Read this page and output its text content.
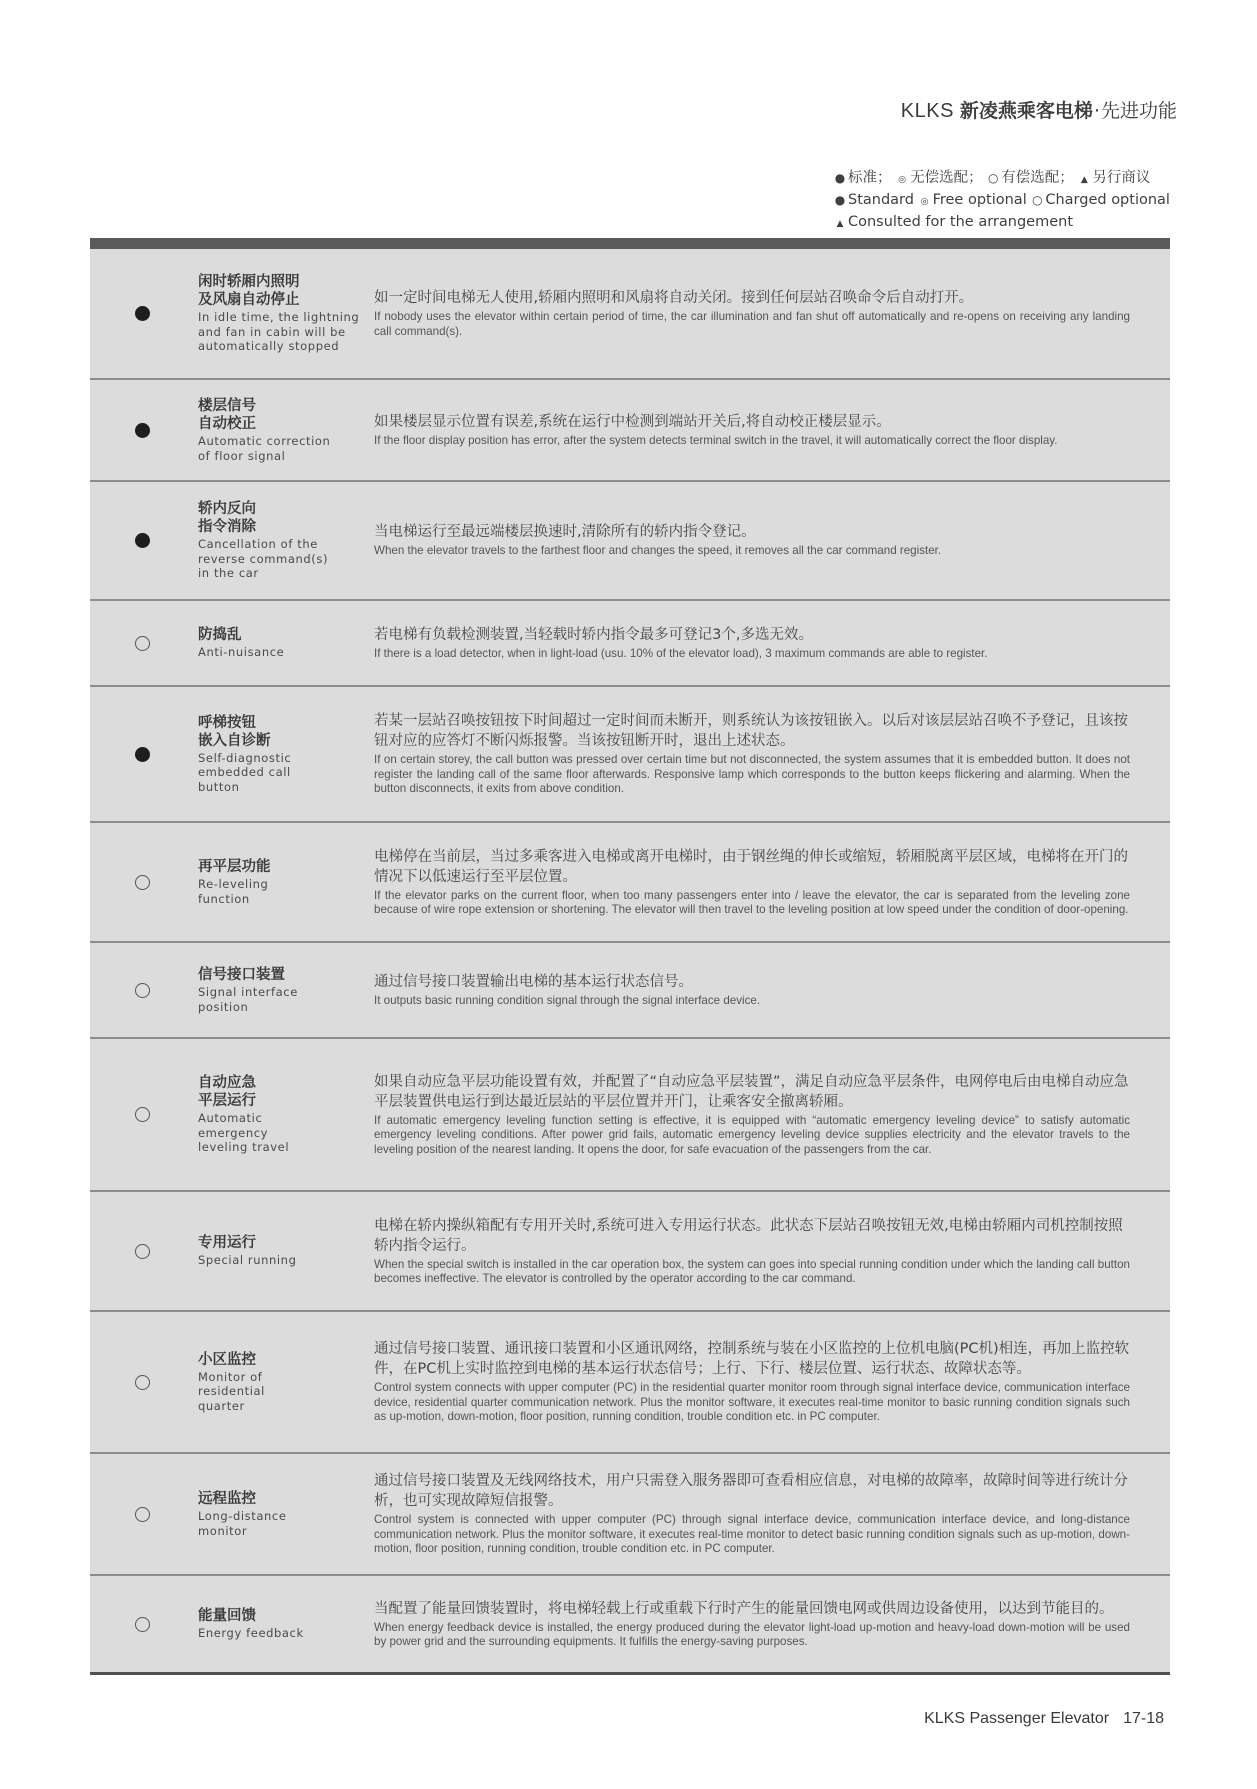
KLKS 新凌燕乘客电梯·先进功能
● 标准； ◎ 无偿选配； ○ 有偿选配； ▲ 另行商议
● Standard ◎ Free optional ○ Charged optional
▲ Consulted for the arrangement
闲时轿厢内照明
及风扇自动停止
In idle time, the lightning
and fan in cabin will be
automatically stopped
如一定时间电梯无人使用,轿厢内照明和风扇将自动关闭。接到任何层站召唤命令后自动打开。
If nobody uses the elevator within certain period of time, the car illumination and fan shut off automatically and re-opens on receiving any landing call command(s).
楼层信号
自动校正
Automatic correction
of floor signal
如果楼层显示位置有误差,系统在运行中检测到端站开关后,将自动校正楼层显示。
If the floor display position has error, after the system detects terminal switch in the travel, it will automatically correct the floor display.
轿内反向
指令消除
Cancellation of the
reverse command(s)
in the car
当电梯运行至最远端楼层换速时,清除所有的轿内指令登记。
When the elevator travels to the farthest floor and changes the speed, it removes all the car command register.
防捣乱
Anti-nuisance
若电梯有负载检测装置,当轻载时轿内指令最多可登记3个,多选无效。
If there is a load detector, when in light-load (usu. 10% of the elevator load), 3 maximum commands are able to register.
呼梯按钮
嵌入自诊断
Self-diagnostic
embedded call
button
若某一层站召唤按钮按下时间超过一定时间而未断开，则系统认为该按钮嵌入。以后对该层层站召唤不予登记，且该按钮对应的应答灯不断闪烁报警。当该按钮断开时，退出上述状态。
If on certain storey, the call button was pressed over certain time but not disconnected, the system assumes that it is embedded button. It does not register the landing call of the same floor afterwards. Responsive lamp which corresponds to the button keeps flickering and alarming. When the button disconnects, it exits from above condition.
再平层功能
Re-leveling
function
电梯停在当前层，当过多乘客进入电梯或离开电梯时，由于钢丝绳的伸长或缩短，轿厢脱离平层区域，电梯将在开门的情况下以低速运行至平层位置。
If the elevator parks on the current floor, when too many passengers enter into / leave the elevator, the car is separated from the leveling zone because of wire rope extension or shortening. The elevator will then travel to the leveling position at low speed under the condition of door-opening.
信号接口装置
Signal interface
position
通过信号接口装置输出电梯的基本运行状态信号。
It outputs basic running condition signal through the signal interface device.
自动应急
平层运行
Automatic
emergency
leveling travel
如果自动应急平层功能设置有效，并配置了“自动应急平层装置”，满足自动应急平层条件，电网停电后由电梯自动应急平层装置供电运行到达最近层站的平层位置并开门，让乘客安全撤离轿厢。
If automatic emergency leveling function setting is effective, it is equipped with “automatic emergency leveling device” to satisfy automatic emergency leveling conditions. After power grid fails, automatic emergency leveling device supplies electricity and the elevator travels to the leveling position of the nearest landing. It opens the door, for safe evacuation of the passengers from the car.
专用运行
Special running
电梯在轿内操纵箱配有专用开关时,系统可进入专用运行状态。此状态下层站召唤按钮无效,电梯由轿厢内司机控制按照轿内指令运行。
When the special switch is installed in the car operation box, the system can goes into special running condition under which the landing call button becomes ineffective. The elevator is controlled by the operator according to the car command.
小区监控
Monitor of
residential
quarter
通过信号接口装置、通讯接口装置和小区通讯网络，控制系统与装在小区监控的上位机电脑(PC机)相连，再加上监控软件，在PC机上实时监控到电梯的基本运行状态信号；上行、下行、楼层位置、运行状态、故障状态等。
Control system connects with upper computer (PC) in the residential quarter monitor room through signal interface device, communication interface device, residential quarter communication network. Plus the monitor software, it executes real-time monitor to basic running condition signals such as up-motion, down-motion, floor position, running condition, trouble condition etc. in PC computer.
远程监控
Long-distance
monitor
通过信号接口装置及无线网络技术，用户只需登入服务器即可查看相应信息，对电梯的故障率，故障时间等进行统计分析，也可实现故障短信报警。
Control system is connected with upper computer (PC) through signal interface device, communication interface device, and long-distance communication network. Plus the monitor software, it executes real-time monitor to detect basic running condition signals such as up-motion, down-motion, floor position, running condition, trouble condition etc. in PC computer.
能量回馈
Energy feedback
当配置了能量回馈装置时，将电梯轻载上行或重载下行时产生的能量回馈电网或供周边设备使用，以达到节能目的。
When energy feedback device is installed, the energy produced during the elevator light-load up-motion and heavy-load down-motion will be used by power grid and the surrounding equipments. It fulfills the energy-saving purposes.
KLKS Passenger Elevator 17-18
